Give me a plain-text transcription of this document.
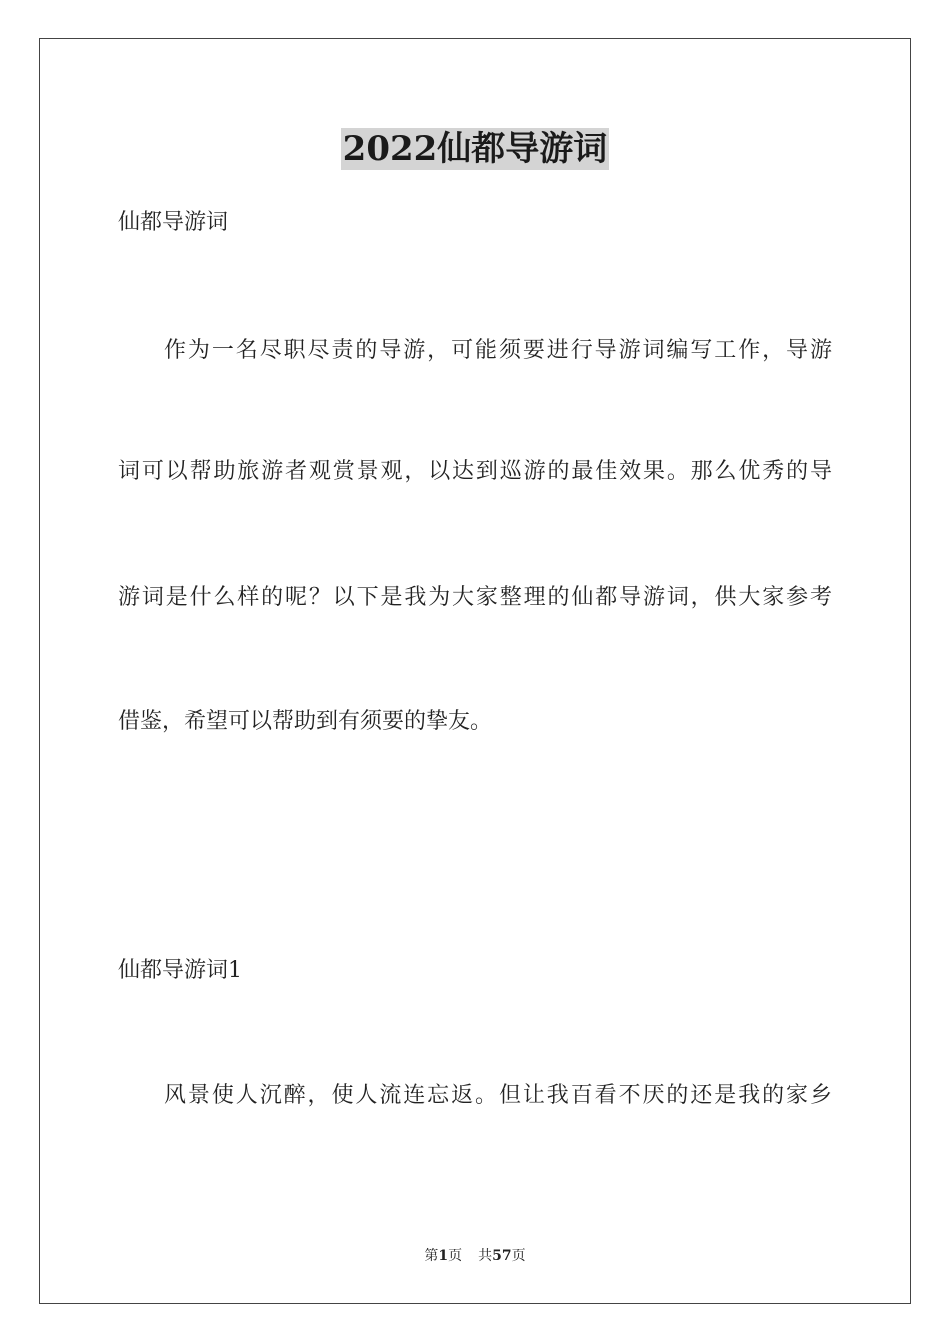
2022仙都导游词
仙都导游词
作为一名尽职尽责的导游，可能须要进行导游词编写工作，导游
词可以帮助旅游者观赏景观，以达到巡游的最佳效果。那么优秀的导
游词是什么样的呢？以下是我为大家整理的仙都导游词，供大家参考
借鉴，希望可以帮助到有须要的挚友。
仙都导游词1
风景使人沉醉，使人流连忘返。但让我百看不厌的还是我的家乡
第1页 共57页
